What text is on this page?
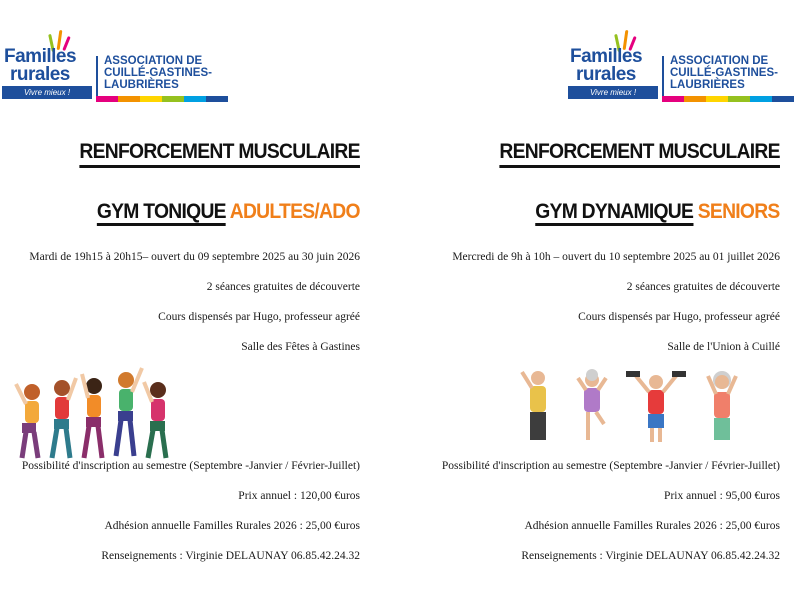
Familles
rurales
Vivre mieux !
ASSOCIATION DE
CUILLÉ-GASTINES-
LAUBRIÈRES
RENFORCEMENT MUSCULAIRE
GYM TONIQUE ADULTES/ADO
Mardi de 19h15 à 20h15– ouvert du 09 septembre 2025 au 30 juin 2026
2 séances gratuites de découverte
Cours dispensés par Hugo, professeur agréé
Salle des Fêtes à Gastines
Possibilité d'inscription au semestre (Septembre -Janvier / Février-Juillet)
Prix annuel : 120,00 €uros
Adhésion annuelle Familles Rurales 2026 : 25,00 €uros
Renseignements : Virginie DELAUNAY 06.85.42.24.32
Familles
rurales
Vivre mieux !
ASSOCIATION DE
CUILLÉ-GASTINES-
LAUBRIÈRES
RENFORCEMENT MUSCULAIRE
GYM DYNAMIQUE SENIORS
Mercredi de 9h à 10h – ouvert du 10 septembre 2025 au 01 juillet 2026
2 séances gratuites de découverte
Cours dispensés par Hugo, professeur agréé
Salle de l'Union à Cuillé
Possibilité d'inscription au semestre (Septembre -Janvier / Février-Juillet)
Prix annuel : 95,00 €uros
Adhésion annuelle Familles Rurales 2026 : 25,00 €uros
Renseignements : Virginie DELAUNAY 06.85.42.24.32
